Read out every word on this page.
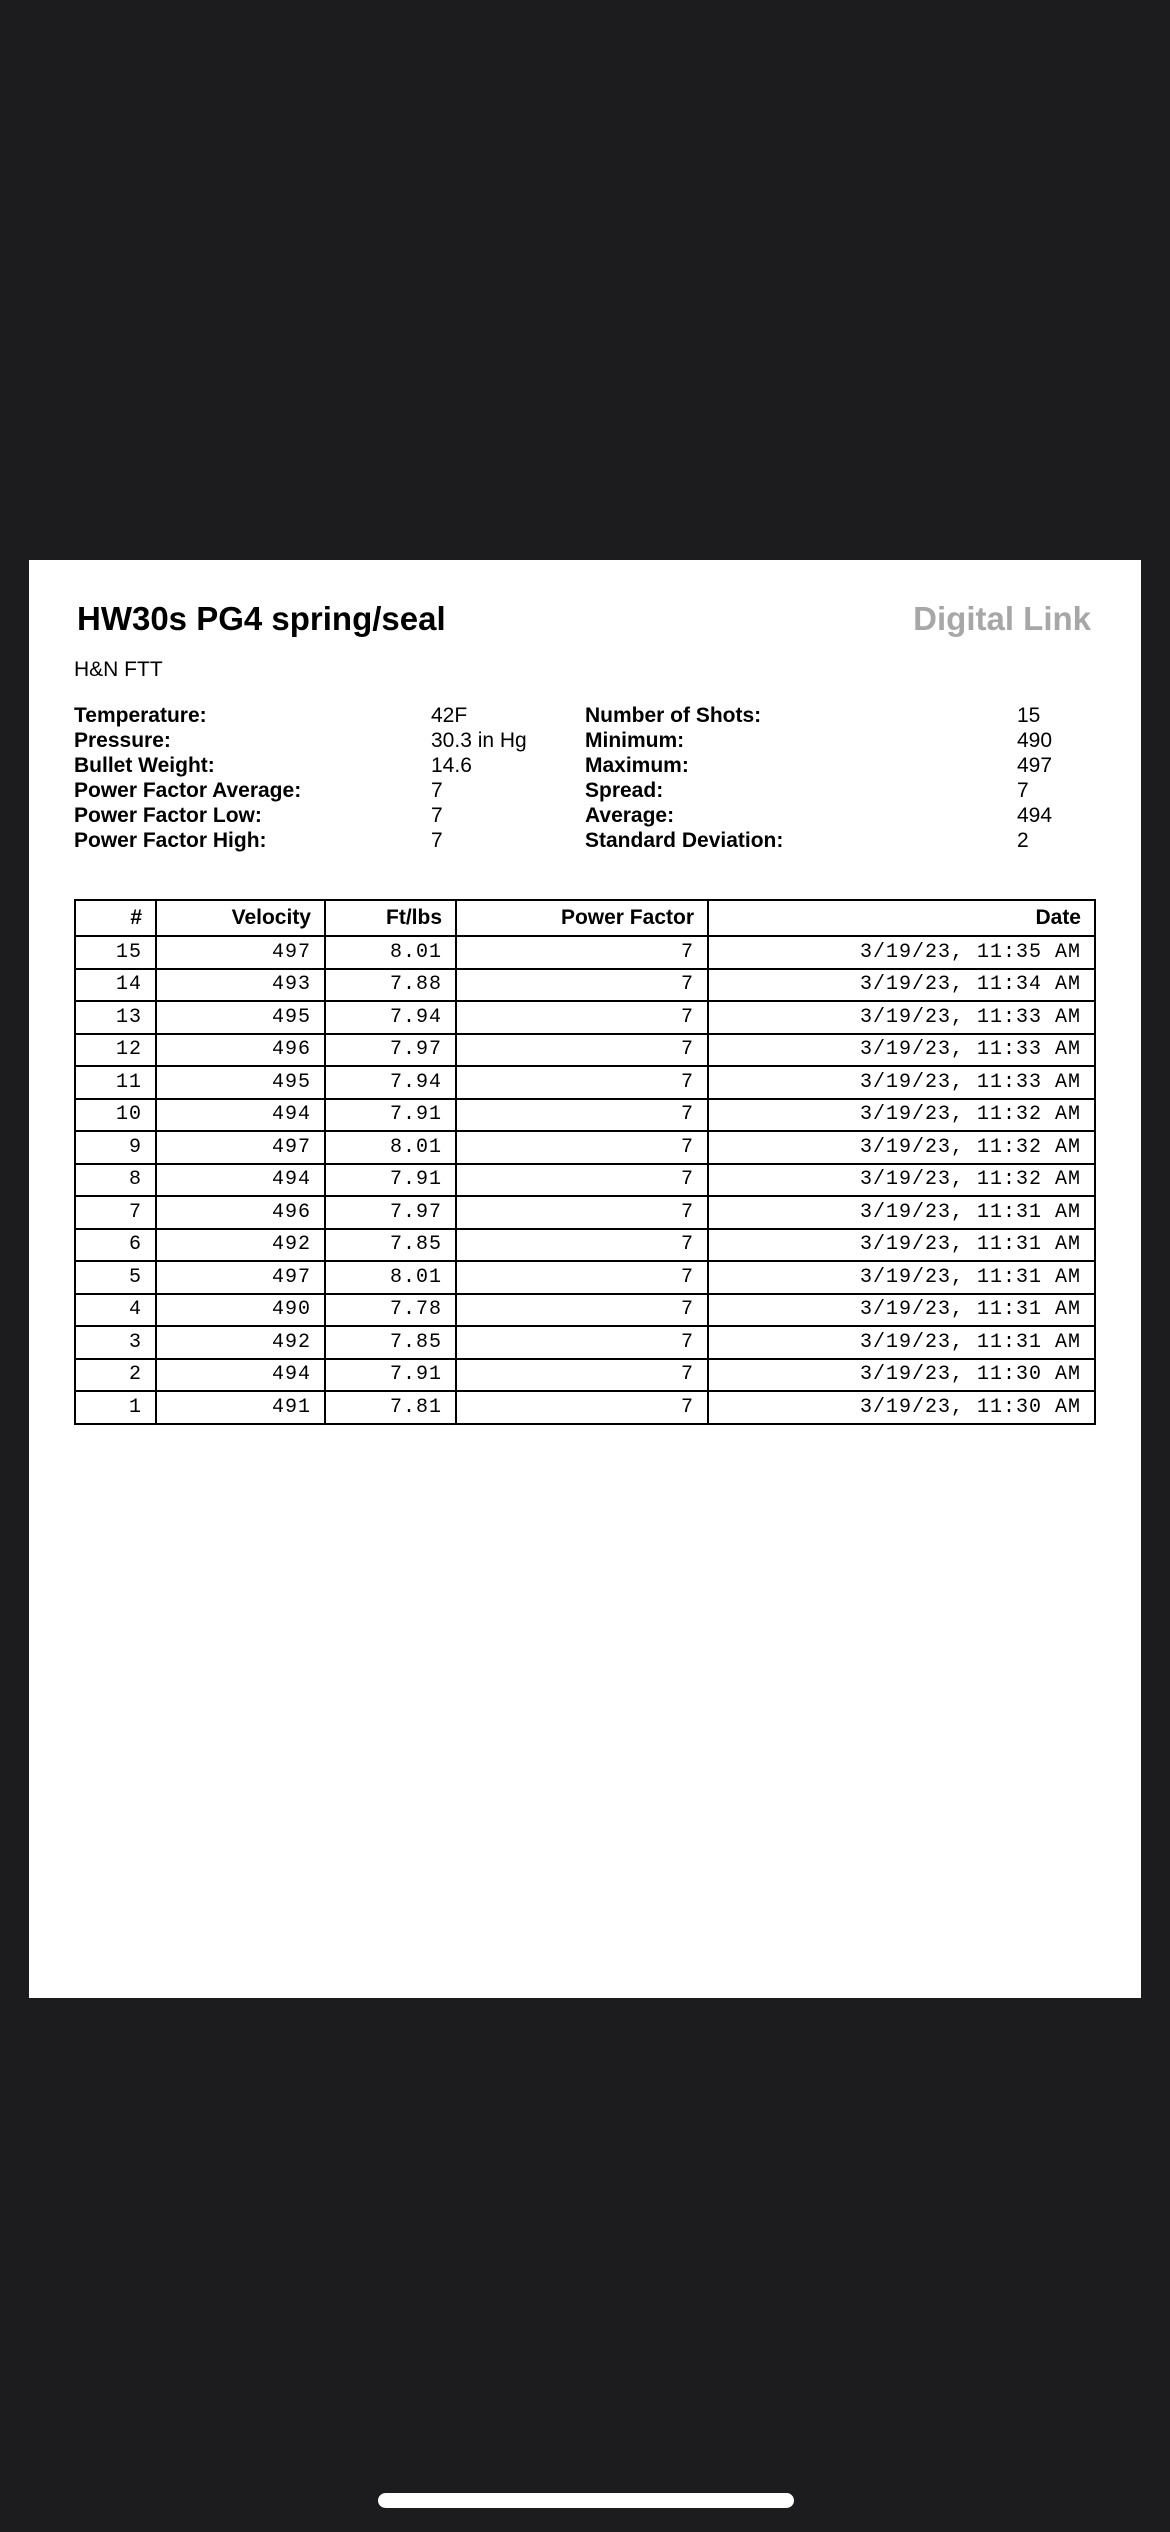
HW30s PG4 spring/seal	Digital Link
H&N FTT
Temperature:	42F
Pressure:	30.3 in Hg
Bullet Weight:	14.6
Power Factor Average:	7
Power Factor Low:	7
Power Factor High:	7
Number of Shots:	15
Minimum:	490
Maximum:	497
Spread:	7
Average:	494
Standard Deviation:	2
#	Velocity	Ft/lbs	Power Factor	Date
15	497	8.01	7	3/19/23, 11:35 AM
14	493	7.88	7	3/19/23, 11:34 AM
13	495	7.94	7	3/19/23, 11:33 AM
12	496	7.97	7	3/19/23, 11:33 AM
11	495	7.94	7	3/19/23, 11:33 AM
10	494	7.91	7	3/19/23, 11:32 AM
9	497	8.01	7	3/19/23, 11:32 AM
8	494	7.91	7	3/19/23, 11:32 AM
7	496	7.97	7	3/19/23, 11:31 AM
6	492	7.85	7	3/19/23, 11:31 AM
5	497	8.01	7	3/19/23, 11:31 AM
4	490	7.78	7	3/19/23, 11:31 AM
3	492	7.85	7	3/19/23, 11:31 AM
2	494	7.91	7	3/19/23, 11:30 AM
1	491	7.81	7	3/19/23, 11:30 AM
